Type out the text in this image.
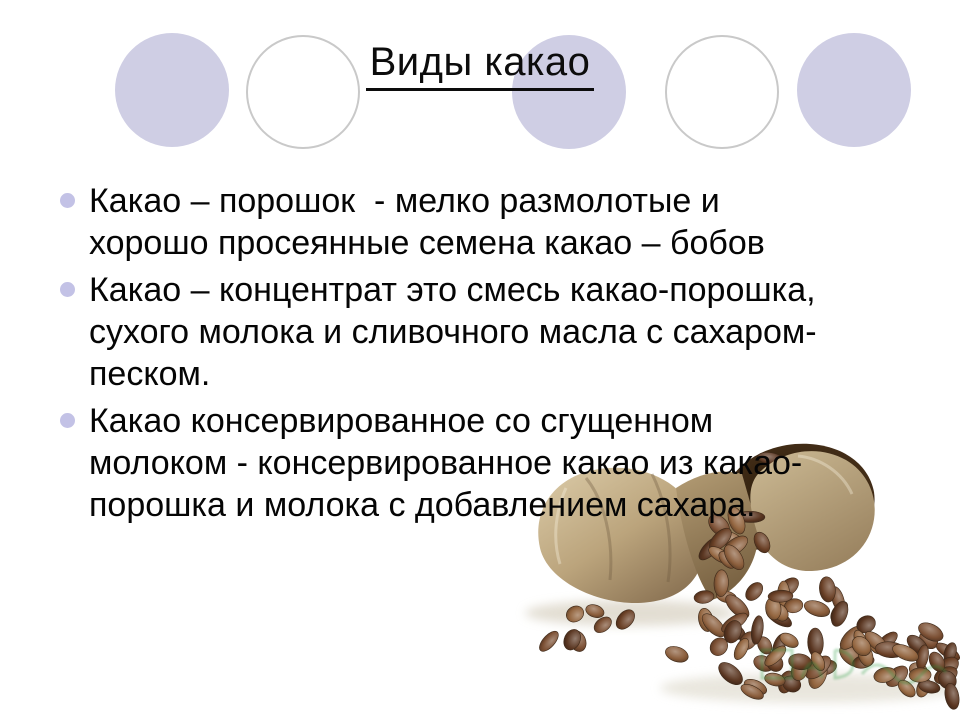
Виды какао
Какао – порошок  - мелко размолотые и
хорошо просеянные семена какао – бобов
Какао – концентрат это смесь какао-порошка,
сухого молока и сливочного масла с сахаром-
песком.
Какао консервированное со сгущенном
молоком - консервированное какао из какао-
порошка и молока с добавлением сахара.
